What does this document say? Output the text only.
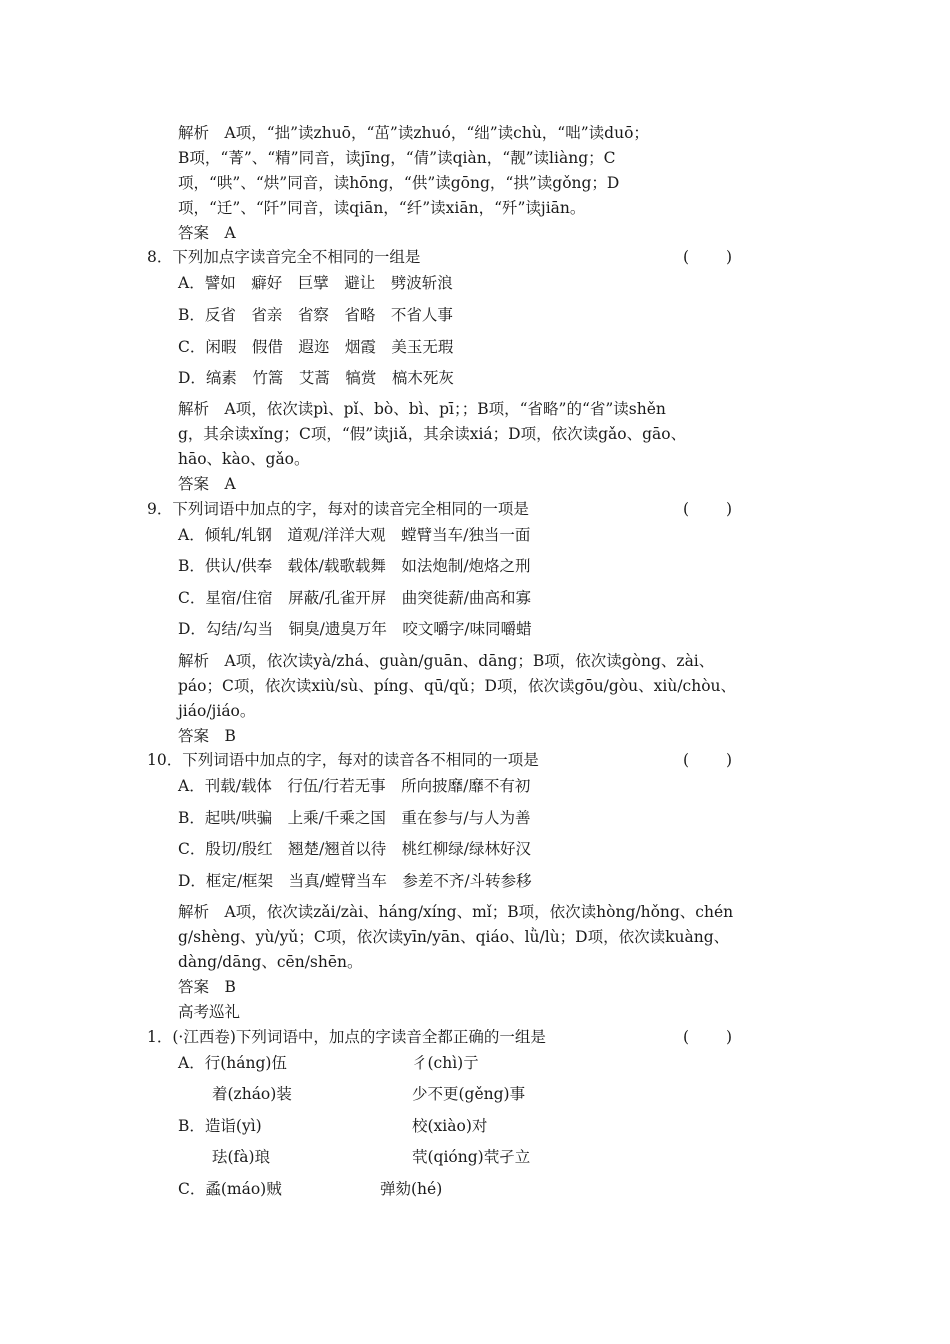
解析　A项，“拙”读zhuō，“茁”读zhuó，“绌”读chù，“咄”读duō；
B项，“菁”、“精”同音，读jīng，“倩”读qiàn，“靓”读liàng；C
项，“哄”、“烘”同音，读hōng，“供”读gōng，“拱”读gǒng；D
项，“迁”、“阡”同音，读qiān，“纤”读xiān，“歼”读jiān。
答案　A
8．下列加点字读音完全不相同的一组是	(　　)
A．譬如　癖好　巨擘　避让　劈波斩浪
B．反省　省亲　省察　省略　不省人事
C．闲暇　假借　遐迩　烟霞　美玉无瑕
D．缟素　竹篙　艾蒿　犒赏　槁木死灰
解析　A项，依次读pì、pǐ、bò、bì、pī；；B项，“省略”的“省”读shěn
g，其余读xǐng；C项，“假”读jiǎ，其余读xiá；D项，依次读gǎo、gāo、
hāo、kào、gǎo。
答案　A
9．下列词语中加点的字，每对的读音完全相同的一项是	(　　)
A．倾轧/轧钢　道观/洋洋大观　螳臂当车/独当一面
B．供认/供奉　载体/载歌载舞　如法炮制/炮烙之刑
C．星宿/住宿　屏蔽/孔雀开屏　曲突徙薪/曲高和寡
D．勾结/勾当　铜臭/遗臭万年　咬文嚼字/味同嚼蜡
解析　A项，依次读yà/zhá、guàn/guān、dāng；B项，依次读gòng、zài、
páo；C项，依次读xiù/sù、píng、qū/qǔ；D项，依次读gōu/gòu、xiù/chòu、
jiáo/jiáo。
答案　B
10．下列词语中加点的字，每对的读音各不相同的一项是	(　　)
A．刊载/载体　行伍/行若无事　所向披靡/靡不有初
B．起哄/哄骗　上乘/千乘之国　重在参与/与人为善
C．殷切/殷红　翘楚/翘首以待　桃红柳绿/绿林好汉
D．框定/框架　当真/螳臂当车　参差不齐/斗转参移
解析　A项，依次读zǎi/zài、háng/xíng、mǐ；B项，依次读hòng/hǒng、chén
g/shèng、yù/yǔ；C项，依次读yīn/yān、qiáo、lǜ/lù；D项，依次读kuàng、
dàng/dāng、cēn/shēn。
答案　B
高考巡礼
1．(·江西卷)下列词语中，加点的字读音全都正确的一组是	(　　)
A．行(háng)伍	彳(chì)亍
着(zháo)装	少不更(gěng)事
B．造诣(yì)	校(xiào)对
珐(fà)琅	茕(qióng)茕孑立
C．蟊(máo)贼	弹劾(hé)
